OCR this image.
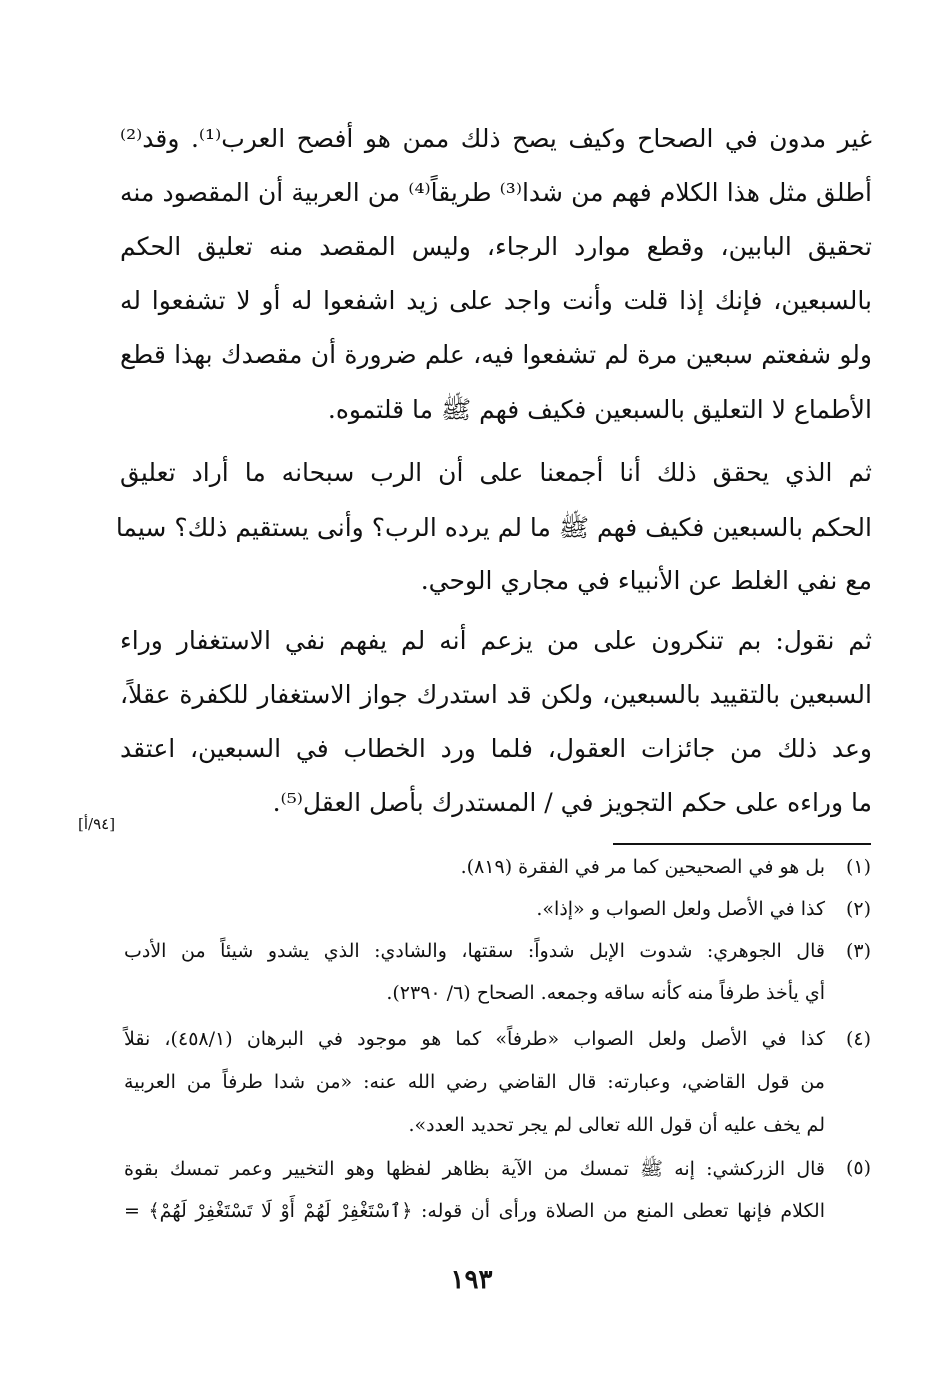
غير مدون في الصحاح وكيف يصح ذلك ممن هو أفصح العرب⁽¹⁾. وقد⁽²⁾
أطلق مثل هذا الكلام فهم من شدا⁽³⁾ طريقاً⁽⁴⁾ من العربية أن المقصود منه
تحقيق البابين، وقطع موارد الرجاء، وليس المقصد منه تعليق الحكم
بالسبعين، فإنك إذا قلت وأنت واجد على زيد اشفعوا له أو لا تشفعوا له
ولو شفعتم سبعين مرة لم تشفعوا فيه، علم ضرورة أن مقصدك بهذا قطع
الأطماع لا التعليق بالسبعين فكيف فهم ﷺ ما قلتموه.
ثم الذي يحقق ذلك أنا أجمعنا على أن الرب سبحانه ما أراد تعليق
الحكم بالسبعين فكيف فهم ﷺ ما لم يرده الرب؟ وأنى يستقيم ذلك؟ سيما
مع نفي الغلط عن الأنبياء في مجاري الوحي.
ثم نقول: بم تنكرون على من يزعم أنه لم يفهم نفي الاستغفار وراء
السبعين بالتقييد بالسبعين، ولكن قد استدرك جواز الاستغفار للكفرة عقلاً،
وعد ذلك من جائزات العقول، فلما ورد الخطاب في السبعين، اعتقد
ما وراءه على حكم التجويز في / المستدرك بأصل العقل⁽⁵⁾.
[٩٤/أ]
(١)
بل هو في الصحيحين كما مر في الفقرة (٨١٩).
(٢)
كذا في الأصل ولعل الصواب و «إذا».
(٣)
قال الجوهري: شدوت الإبل شدواً: سقتها، والشادي: الذي يشدو شيئاً من الأدب
أي يأخذ طرفاً منه كأنه ساقه وجمعه. الصحاح (٦/ ٢٣٩٠).
(٤)
كذا في الأصل ولعل الصواب «طرفاً» كما هو موجود في البرهان (٤٥٨/١)، نقلاً
من قول القاضي، وعبارته: قال القاضي رضي الله عنه: «من شدا طرفاً من العربية
لم يخف عليه أن قول الله تعالى لم يجر تحديد العدد».
(٥)
قال الزركشي: إنه ﷺ تمسك من الآية بظاهر لفظها وهو التخيير وعمر تمسك بقوة
الكلام فإنها تعطى المنع من الصلاة ورأى أن قوله: ﴿ٱسْتَغْفِرْ لَهُمْ أَوْ لَا تَسْتَغْفِرْ لَهُمْ﴾ =
١٩٣
